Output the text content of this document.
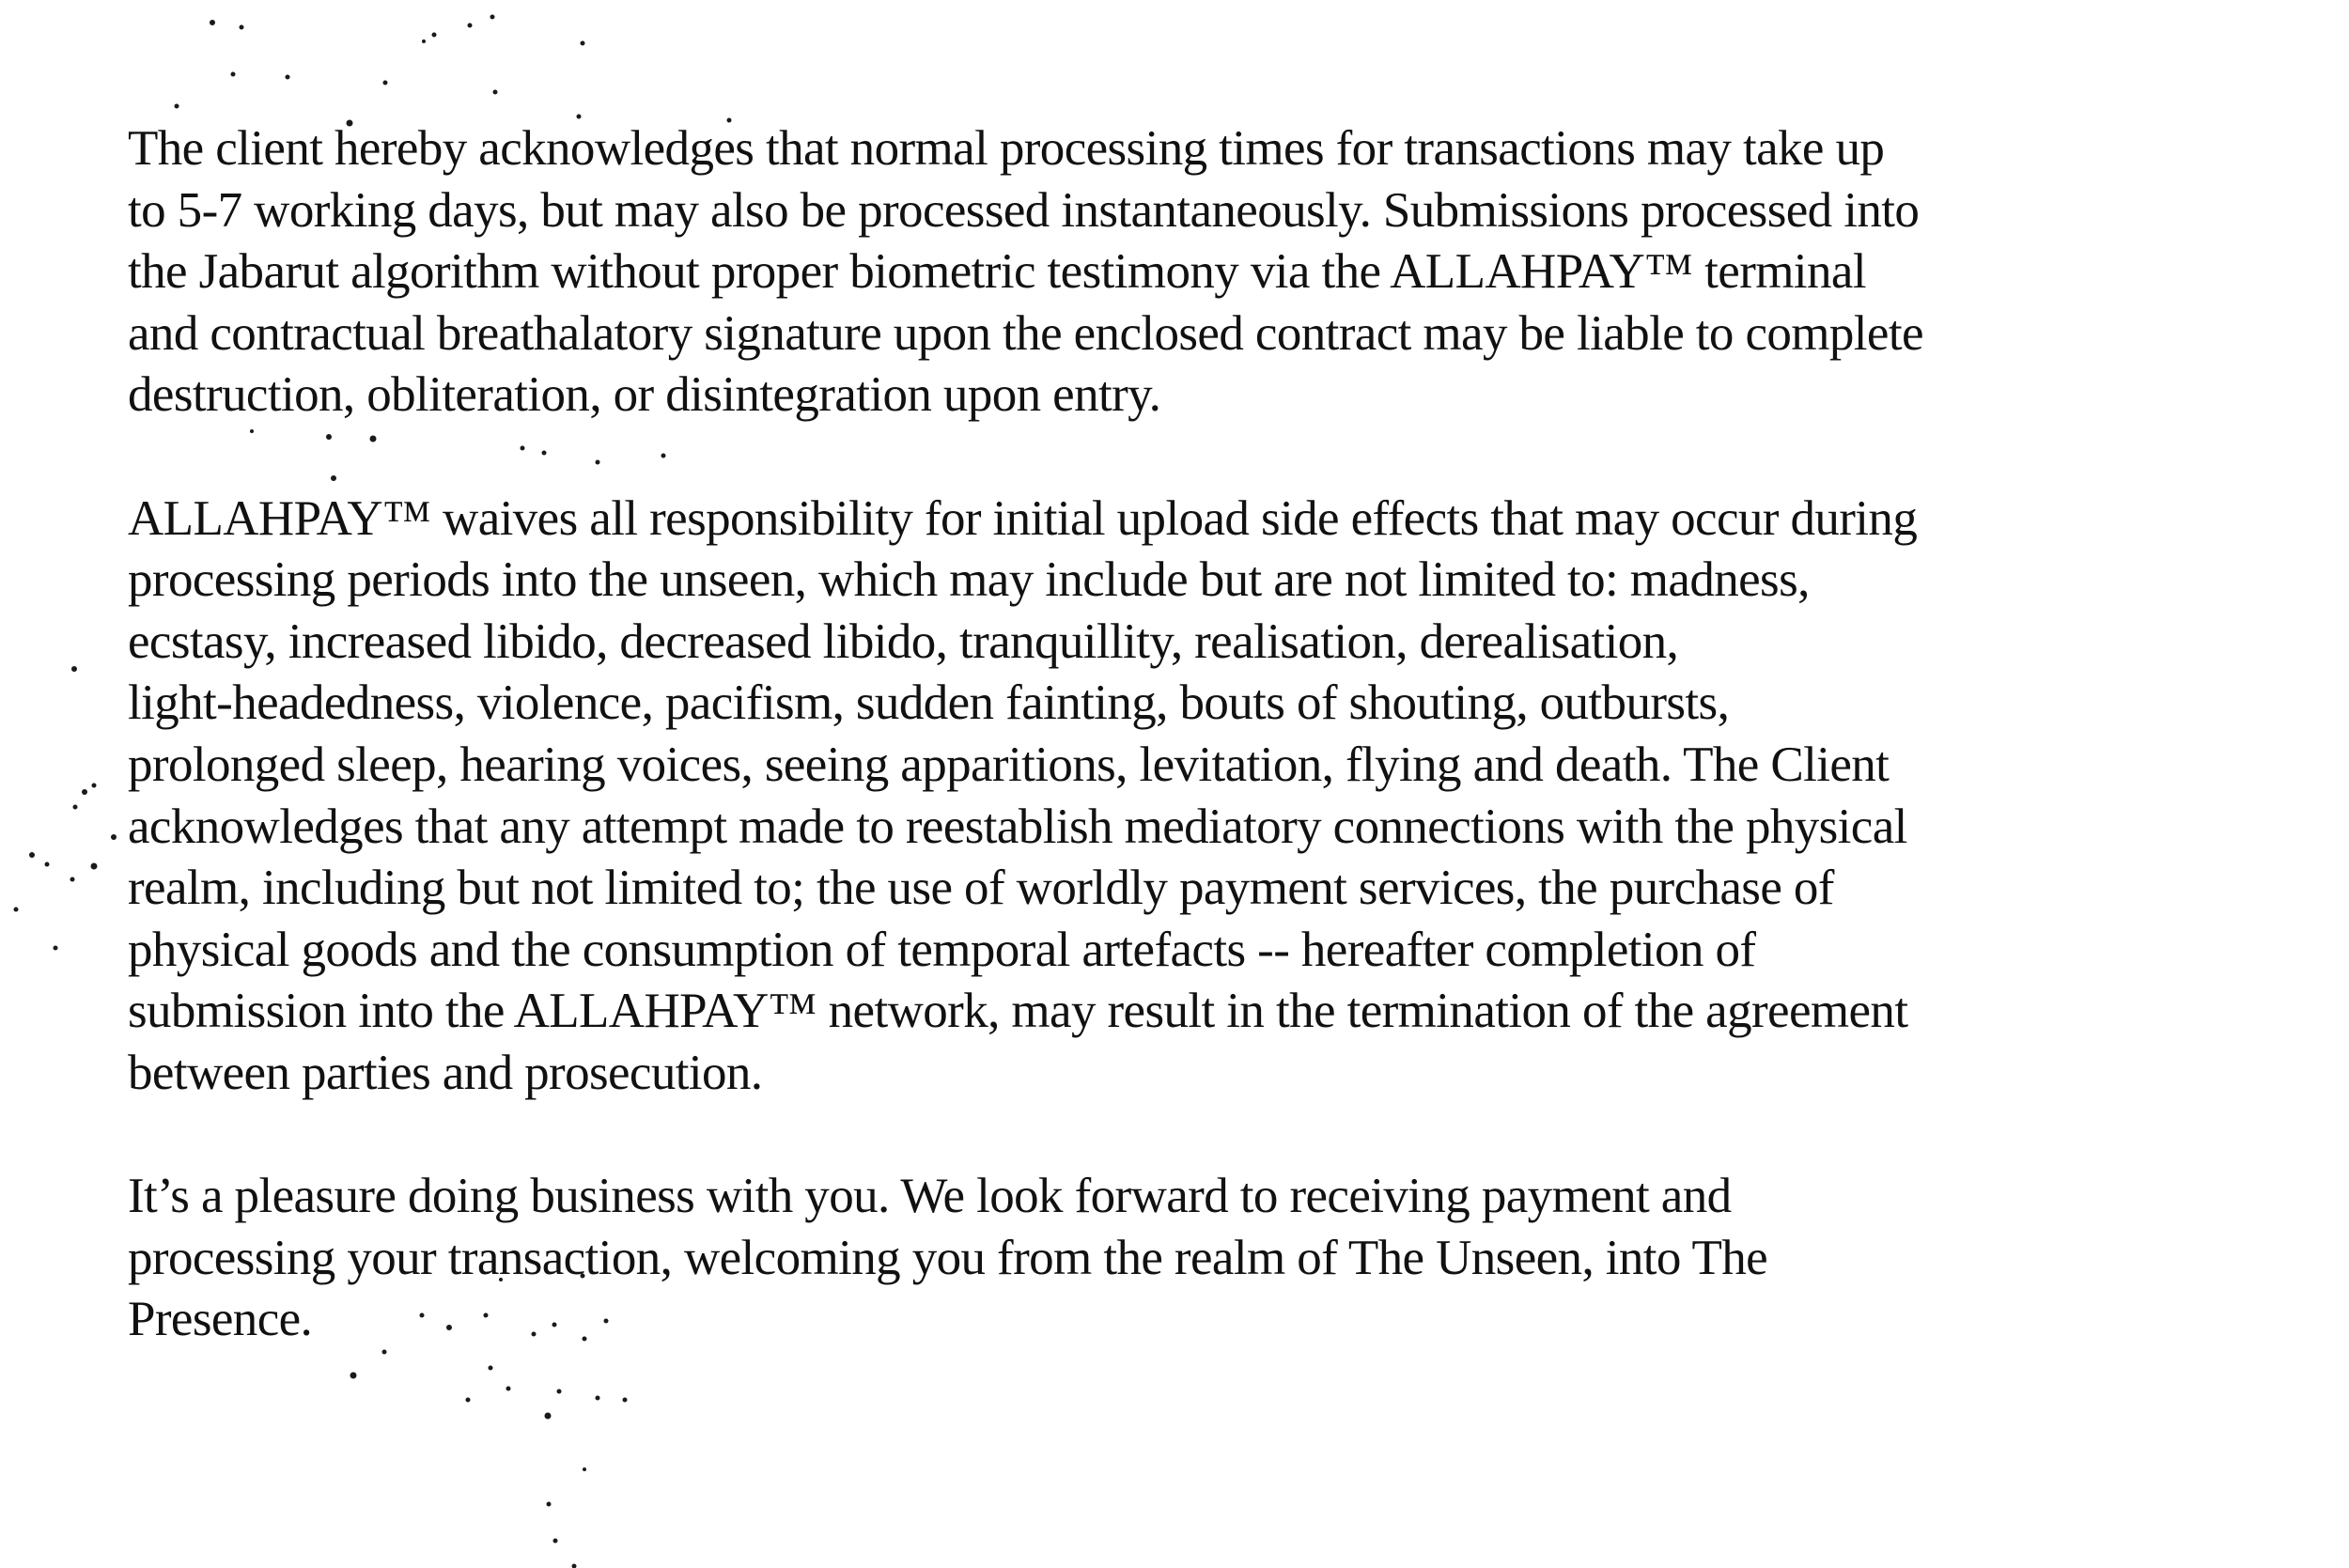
The client hereby acknowledges that normal processing times for transactions may take up
to 5-7 working days, but may also be processed instantaneously. Submissions processed into
the Jabarut algorithm without proper biometric testimony via the ALLAHPAY™ terminal
and contractual breathalatory signature upon the enclosed contract may be liable to complete
destruction, obliteration, or disintegration upon entry.

ALLAHPAY™ waives all responsibility for initial upload side effects that may occur during
processing periods into the unseen, which may include but are not limited to: madness,
ecstasy, increased libido, decreased libido, tranquillity, realisation, derealisation,
light-headedness, violence, pacifism, sudden fainting, bouts of shouting, outbursts,
prolonged sleep, hearing voices, seeing apparitions, levitation, flying and death. The Client
acknowledges that any attempt made to reestablish mediatory connections with the physical
realm, including but not limited to; the use of worldly payment services, the purchase of
physical goods and the consumption of temporal artefacts -- hereafter completion of
submission into the ALLAHPAY™ network, may result in the termination of the agreement
between parties and prosecution.

It’s a pleasure doing business with you. We look forward to receiving payment and
processing your transaction, welcoming you from the realm of The Unseen, into The
Presence.
